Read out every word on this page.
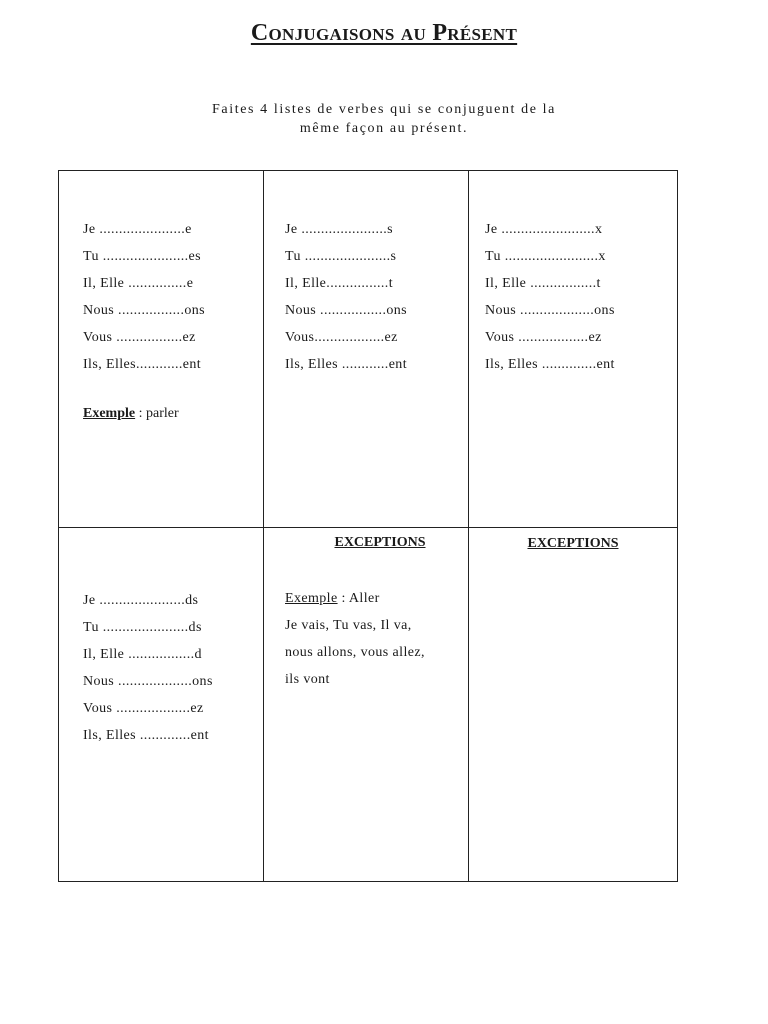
Conjugaisons au Présent
Faites 4 listes de verbes qui se conjuguent de la
même façon au présent.
Je ......................e
Tu ......................es
Il, Elle ...............e
Nous .................ons
Vous .................ez
Ils, Elles............ent
Exemple : parler
Je ......................s
Tu ......................s
Il, Elle................t
Nous .................ons
Vous..................ez
Ils, Elles ............ent
Je ........................x
Tu ........................x
Il, Elle .................t
Nous ...................ons
Vous ..................ez
Ils, Elles ..............ent
Je ......................ds
Tu ......................ds
Il, Elle .................d
Nous ...................ons
Vous ...................ez
Ils, Elles .............ent
EXCEPTIONS
Exemple : Aller
Je vais, Tu vas, Il va,
nous allons, vous allez,
ils vont
EXCEPTIONS
